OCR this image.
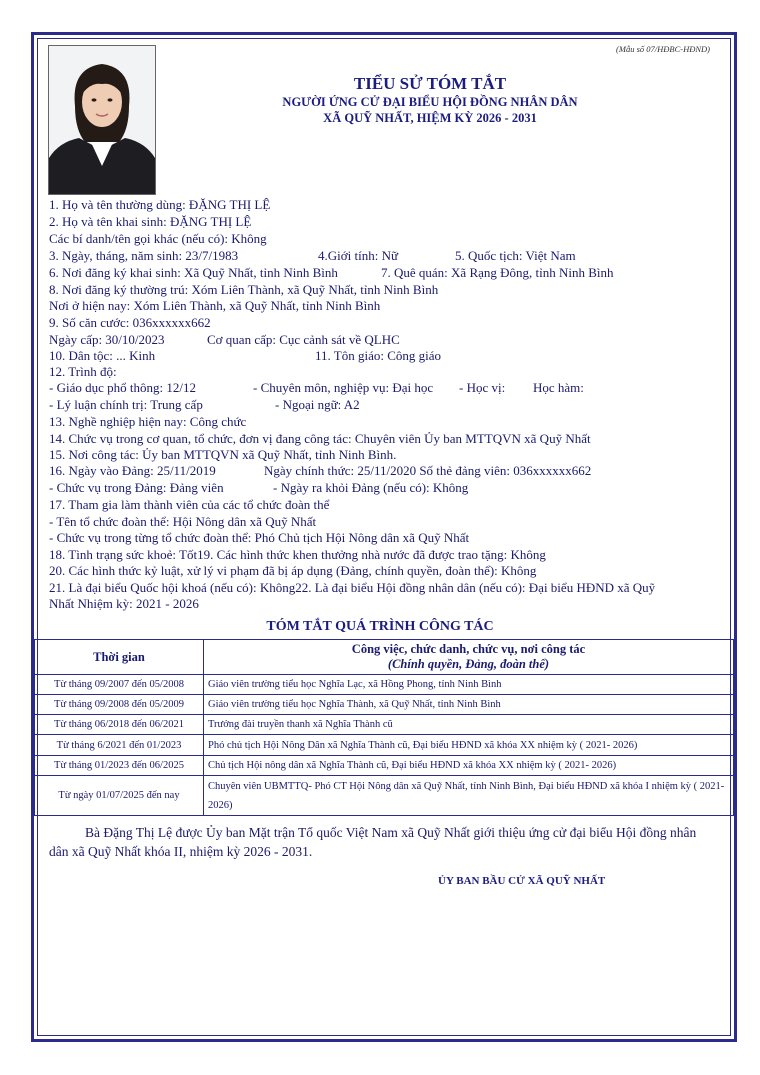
(Mẫu số 07/HĐBC-HĐND)
TIỂU SỬ TÓM TẮT
NGƯỜI ỨNG CỬ ĐẠI BIỂU HỘI ĐỒNG NHÂN DÂN
XÃ QUỸ NHẤT, HIỆM KỲ 2026 - 2031
1. Họ và tên thường dùng: ĐẶNG THỊ LỆ
2. Họ và tên khai sinh: ĐẶNG THỊ LỆ
Các bí danh/tên gọi khác (nếu có): Không
3. Ngày, tháng, năm sinh: 23/7/1983	4.Giới tính: Nữ	5. Quốc tịch: Việt Nam
6. Nơi đăng ký khai sinh: Xã Quỹ Nhất, tỉnh Ninh Bình	7. Quê quán: Xã Rạng Đông, tỉnh Ninh Bình
8. Nơi đăng ký thường trú: Xóm Liên Thành, xã Quỹ Nhất, tỉnh Ninh Bình
Nơi ở hiện nay: Xóm Liên Thành, xã Quỹ Nhất, tỉnh Ninh Bình
9. Số căn cước: 036xxxxxx662
Ngày cấp: 30/10/2023	Cơ quan cấp: Cục cảnh sát về QLHC
10. Dân tộc: ... Kinh	11. Tôn giáo: Công giáo
12. Trình độ:
- Giáo dục phổ thông: 12/12	- Chuyên môn, nghiệp vụ: Đại học - Học vị: Học hàm:
- Lý luận chính trị: Trung cấp	- Ngoại ngữ: A2
13. Nghề nghiệp hiện nay: Công chức
14. Chức vụ trong cơ quan, tổ chức, đơn vị đang công tác: Chuyên viên Ủy ban MTTQVN xã Quỹ Nhất
15. Nơi công tác: Ủy ban MTTQVN xã Quỹ Nhất, tỉnh Ninh Bình.
16. Ngày vào Đảng: 25/11/2019	Ngày chính thức: 25/11/2020 Số thẻ đảng viên: 036xxxxxx662
- Chức vụ trong Đảng: Đảng viên	- Ngày ra khỏi Đảng (nếu có): Không
17. Tham gia làm thành viên của các tổ chức đoàn thể
- Tên tổ chức đoàn thể: Hội Nông dân xã Quỹ Nhất
- Chức vụ trong từng tổ chức đoàn thể: Phó Chủ tịch Hội Nông dân xã Quỹ Nhất
18. Tình trạng sức khoẻ: Tốt19. Các hình thức khen thưởng nhà nước đã được trao tặng: Không
20. Các hình thức kỷ luật, xử lý vi phạm đã bị áp dụng (Đảng, chính quyền, đoàn thể): Không
21. Là đại biểu Quốc hội khoá (nếu có): Không22. Là đại biểu Hội đồng nhân dân (nếu có): Đại biểu HĐND xã Quỹ
Nhất Nhiệm kỳ: 2021 - 2026
TÓM TẮT QUÁ TRÌNH CÔNG TÁC
Thời gian	Công việc, chức danh, chức vụ, nơi công tác
(Chính quyền, Đảng, đoàn thể)

Từ tháng 09/2007 đến 05/2008	Giáo viên trường tiểu học Nghĩa Lạc, xã Hồng Phong, tỉnh Ninh Bình
Từ tháng 09/2008 đến 05/2009	Giáo viên trường tiểu học Nghĩa Thành, xã Quỹ Nhất, tỉnh Ninh Bình
Từ tháng 06/2018 đến 06/2021	Trưởng đài truyền thanh xã Nghĩa Thành cũ
Từ tháng 6/2021 đến 01/2023	Phó chủ tịch Hội Nông Dân xã Nghĩa Thành cũ, Đại biểu HĐND xã khóa XX nhiệm kỳ ( 2021- 2026)
Từ tháng 01/2023 đến 06/2025	Chủ tịch Hội nông dân xã Nghĩa Thành cũ, Đại biểu HĐND xã khóa XX nhiệm kỳ ( 2021- 2026)
Từ ngày 01/07/2025 đến nay	Chuyên viên UBMTTQ- Phó CT Hội Nông dân xã Quỹ Nhất, tỉnh Ninh Bình, Đại biểu HĐND xã khóa I nhiệm kỳ ( 2021- 2026)
Bà Đặng Thị Lệ được Ủy ban Mặt trận Tổ quốc Việt Nam xã Quỹ Nhất giới thiệu ứng cử đại biểu Hội đồng nhân dân xã Quỹ Nhất khóa II, nhiệm kỳ 2026 - 2031.
ỦY BAN BẦU CỬ XÃ QUỸ NHẤT
